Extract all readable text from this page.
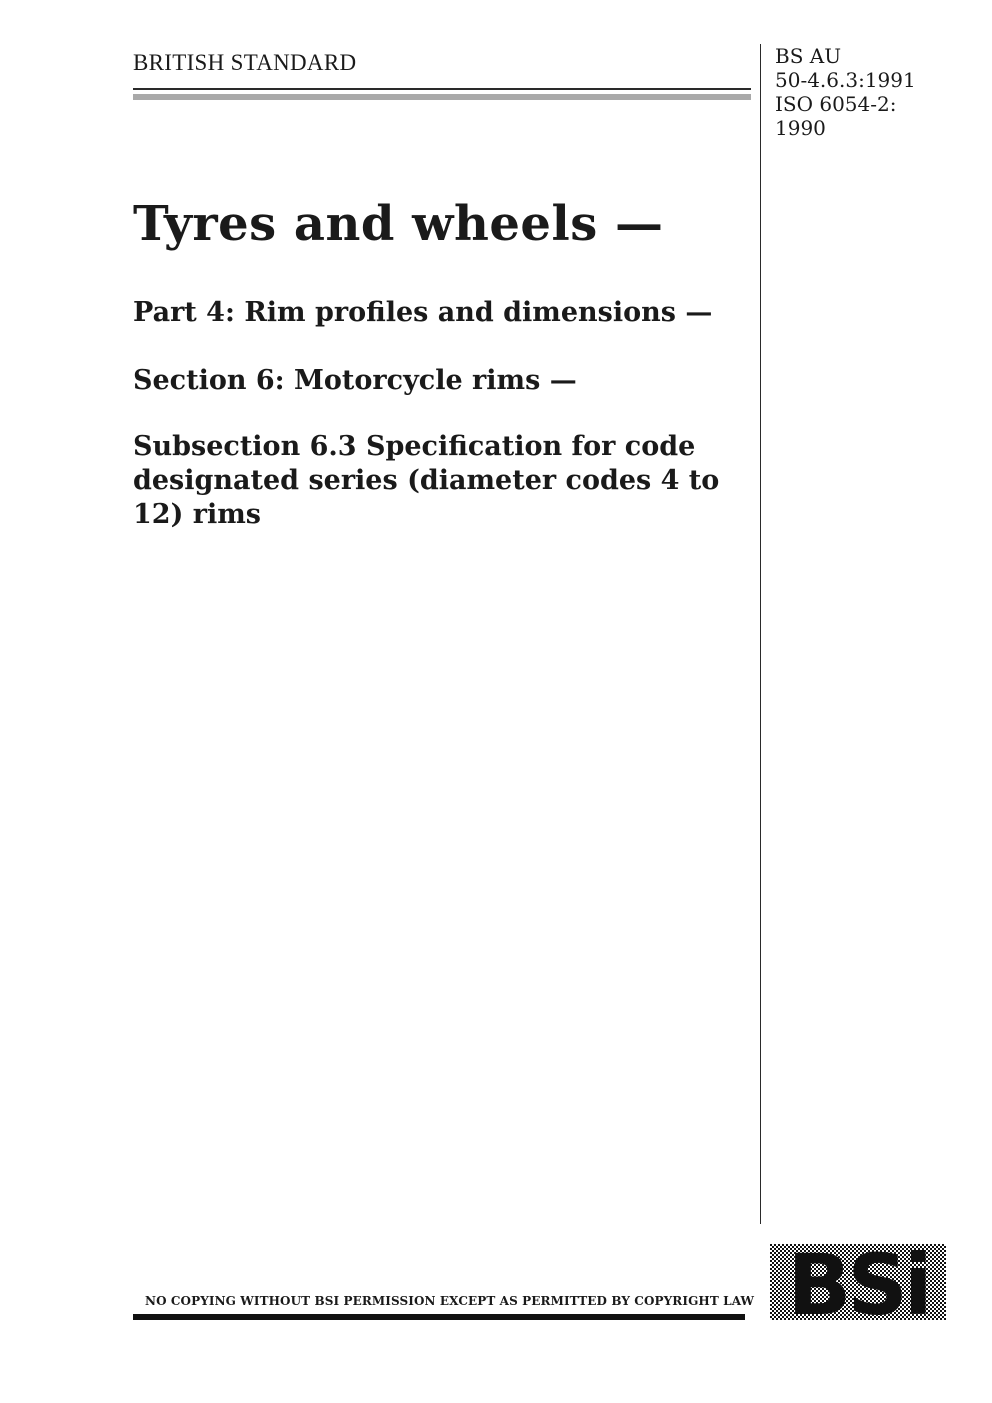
BRITISH STANDARD	BS AU
50-4.6.3:1991
ISO 6054-2:
1990
Tyres and wheels —
Part 4: Rim profiles and dimensions —
Section 6: Motorcycle rims —
Subsection 6.3 Specification for code designated series (diameter codes 4 to 12) rims
NO COPYING WITHOUT BSI PERMISSION EXCEPT AS PERMITTED BY COPYRIGHT LAW BSi
